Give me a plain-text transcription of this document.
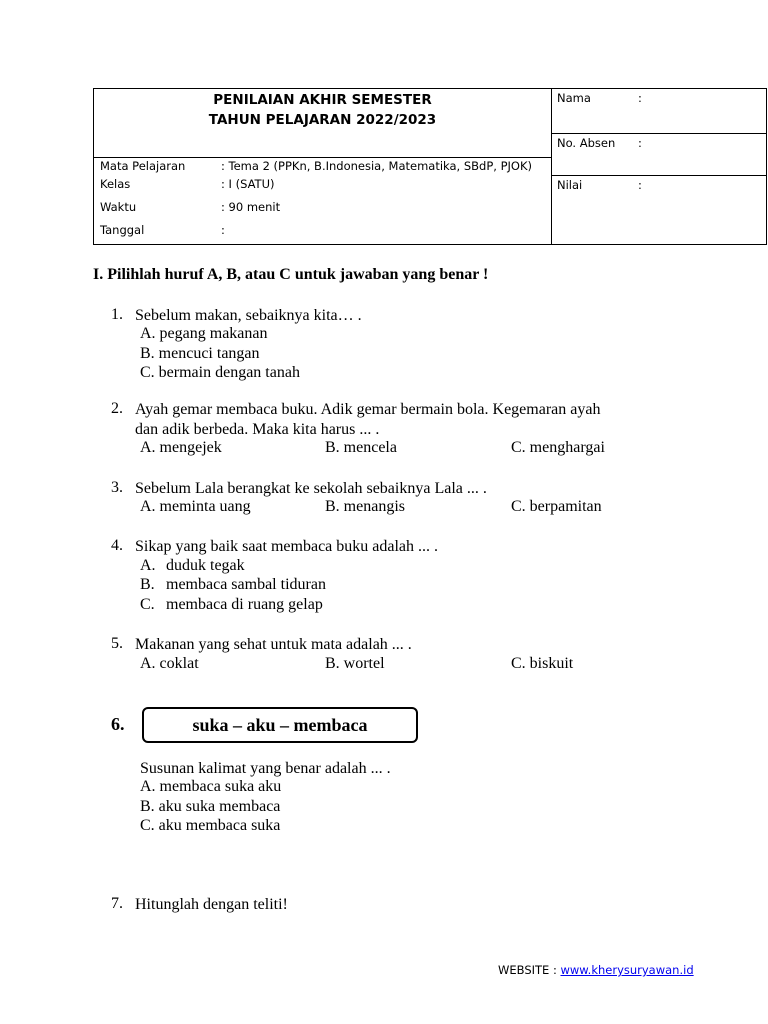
PENILAIAN AKHIR SEMESTER
TAHUN PELAJARAN 2022/2023
Mata Pelajaran	: Tema 2 (PPKn, B.Indonesia, Matematika, SBdP, PJOK)
Kelas	: I (SATU)
Waktu	: 90 menit
Tanggal	:
Nama	:
No. Absen :
Nilai	:
I. Pilihlah huruf A, B, atau C untuk jawaban yang benar !
1. Sebelum makan, sebaiknya kita… .
A. pegang makanan
B. mencuci tangan
C. bermain dengan tanah
2. Ayah gemar membaca buku. Adik gemar bermain bola. Kegemaran ayah
dan adik berbeda. Maka kita harus ... .
A. mengejek	B. mencela	C. menghargai
3. Sebelum Lala berangkat ke sekolah sebaiknya Lala ... .
A. meminta uang	B. menangis	C. berpamitan
4. Sikap yang baik saat membaca buku adalah ... .
A. duduk tegak
B. membaca sambal tiduran
C. membaca di ruang gelap
5. Makanan yang sehat untuk mata adalah ... .
A. coklat	B. wortel	C. biskuit
6.	suka – aku – membaca
Susunan kalimat yang benar adalah ... .
A. membaca suka aku
B. aku suka membaca
C. aku membaca suka
7. Hitunglah dengan teliti!
WEBSITE : www.kherysuryawan.id
